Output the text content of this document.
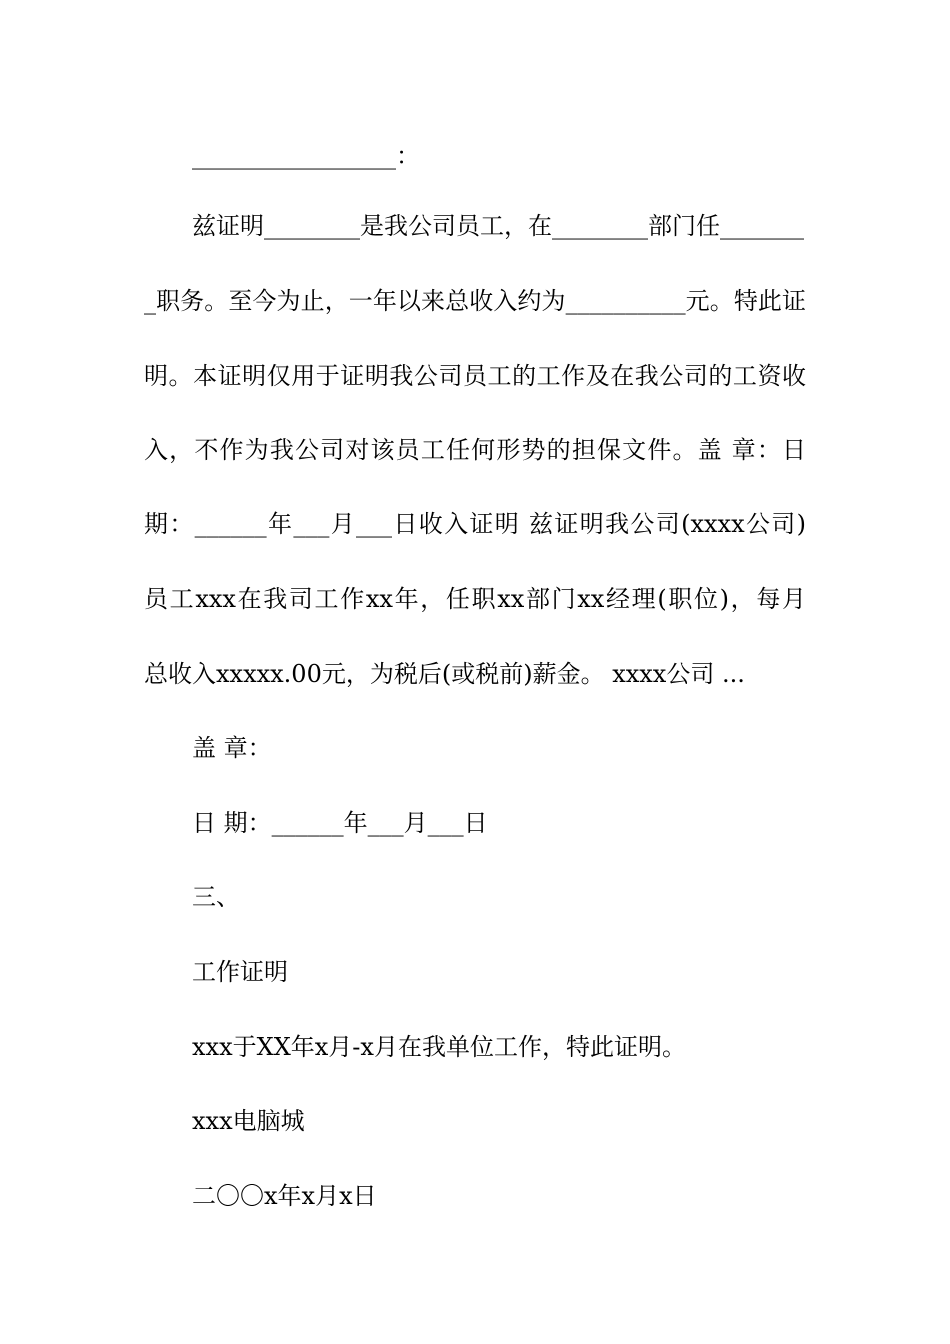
_________________：
兹证明________是我公司员工，在________部门任_______
_职务。至今为止，一年以来总收入约为__________元。特此证
明。本证明仅用于证明我公司员工的工作及在我公司的工资收
入，不作为我公司对该员工任何形势的担保文件。盖 章：日
期：______年___月___日收入证明 兹证明我公司(xxxx公司)
员工xxx在我司工作xx年，任职xx部门xx经理(职位)，每月
总收入xxxxx.00元，为税后(或税前)薪金。 xxxx公司 ...
盖 章：
日 期：______年___月___日
三、
工作证明
xxx于XX年x月-x月在我单位工作，特此证明。
xxx电脑城
二〇〇x年x月x日
